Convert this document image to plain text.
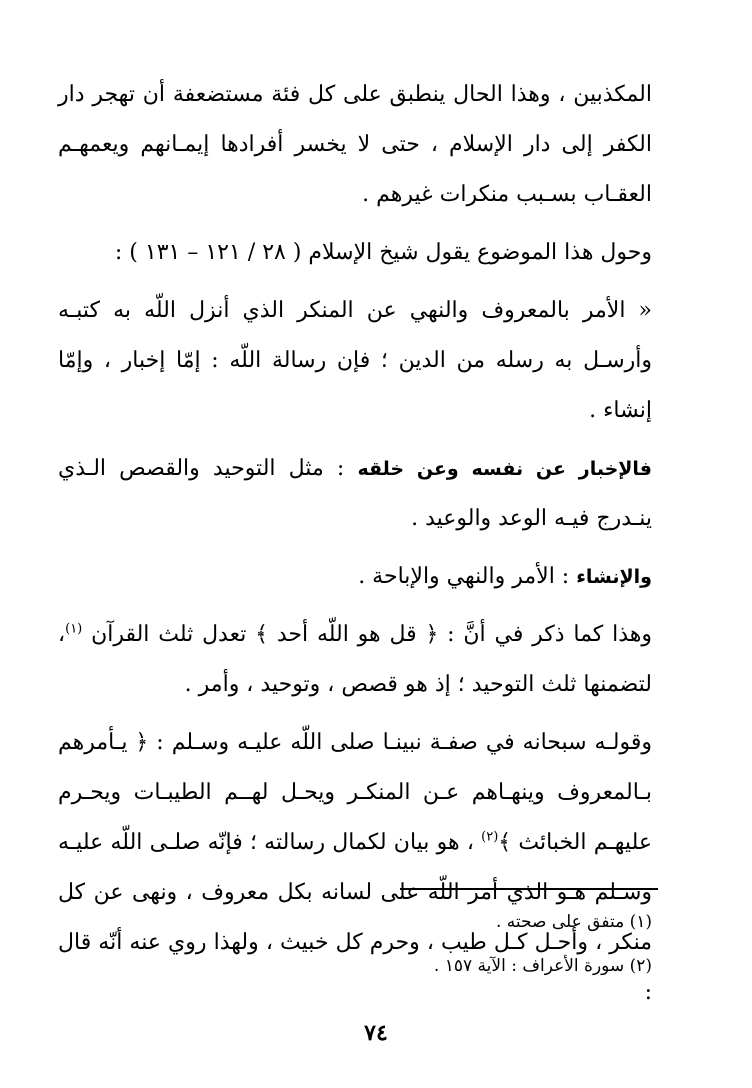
المكذبين ، وهذا الحال ينطبق على كل فئة مستضعفة أن تهجر دار الكفر إلى دار الإسلام ، حتى لا يخسر أفرادها إيمـانهم ويعمهـم العقـاب بسـبب منكرات غيرهم .

وحول هذا الموضوع يقول شيخ الإسلام ( ٢٨ / ١٢١ – ١٣١ ) :

« الأمر بالمعروف والنهي عن المنكر الذي أنزل اللّه به كتبـه وأرسـل به رسله من الدين ؛ فإن رسالة اللّه : إمّا إخبار ، وإمّا إنشاء .

فالإخبار عن نفسه وعن خلقه : مثل التوحيد والقصص الـذي ينـدرج فيـه الوعد والوعيد .

والإنشاء : الأمر والنهي والإباحة .

وهذا كما ذكر في أنَّ : ﴿ قل هو اللّه أحد ﴾ تعدل ثلث القرآن $^{(١)}$، لتضمنها ثلث التوحيد ؛ إذ هو قصص ، وتوحيد ، وأمر .

وقولـه سبحانه في صفـة نبينـا صلى اللّه عليـه وسـلم : ﴿ يـأمرهم بـالمعروف وينهـاهم عـن المنكـر ويحـل لهــم الطيبـات ويحـرم عليهـم الخبائث ﴾$^{(٢)}$ ، هو بيان لكمال رسالته ؛ فإنّه صلـى اللّه عليـه وسـلم هـو الذي أمر اللّه على لسانه بكل معروف ، ونهى عن كل منكر ، وأحـل كـل طيب ، وحرم كل خبيث ، ولهذا روي عنه أنّه قال :

(١) متفق على صحته .

(٢) سورة الأعراف : الآية ١٥٧ .

٧٤
